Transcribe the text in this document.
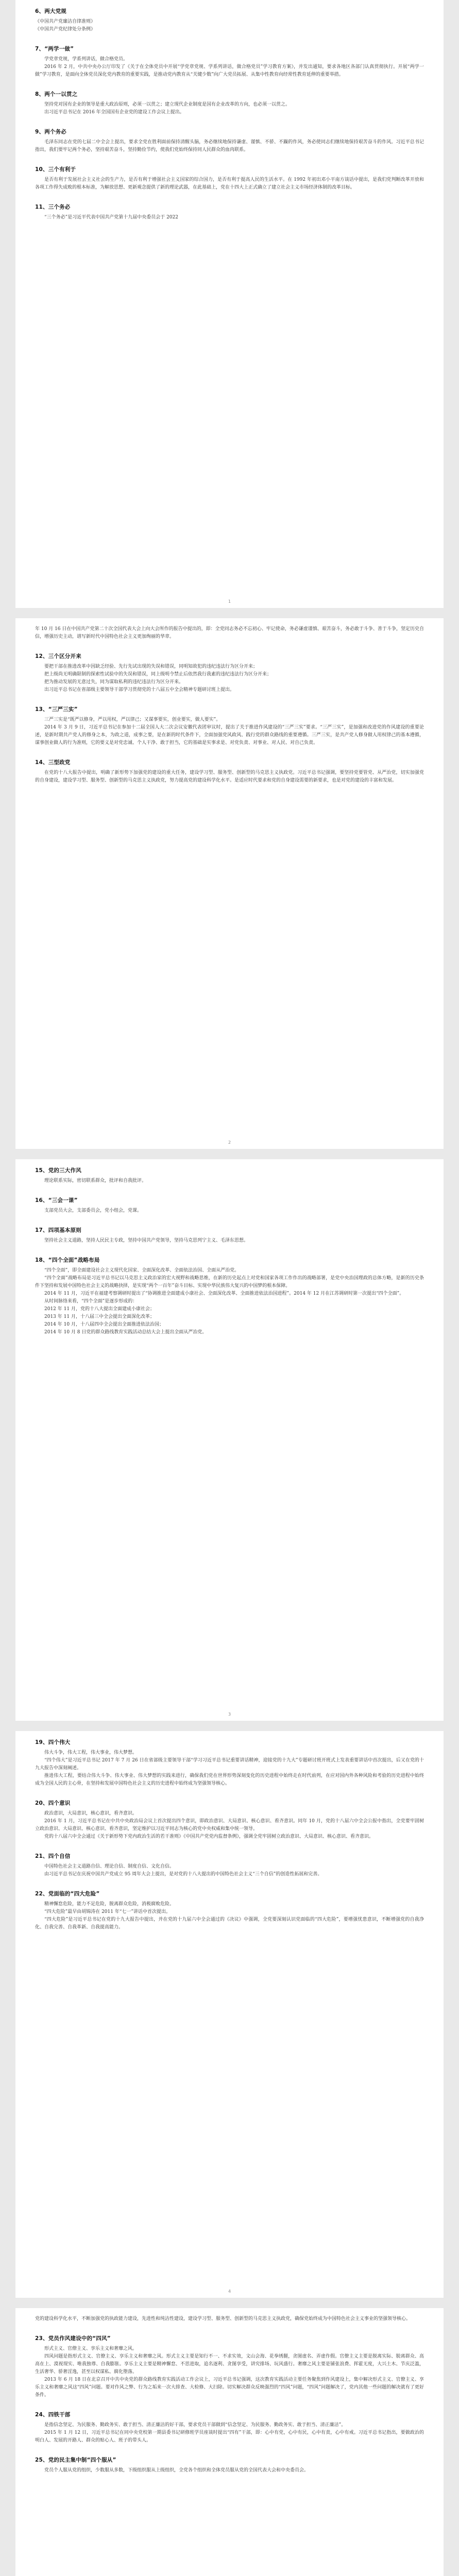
6、两大党规

《中国共产党廉洁自律准则》

《中国共产党纪律处分条例》

7、“两学一做”

学党章党规，学系列讲话，做合格党员。

2016 年 2 月，中共中央办公厅印发了《关于在全体党员中开展“学党章党规、学系列讲话，做合格党员”学习教育方案》，并发出通知，要求各地区各部门认真贯彻执行。开展“两学一做”学习教育，是面向全体党员深化党内教育的重要实践，是推动党内教育从“关键少数”向广大党员拓展、从集中性教育向经常性教育延伸的重要举措。

8、两个一以贯之

坚持党对国有企业的领导是重大政治原则，必须一以贯之；建立现代企业制度是国有企业改革的方向，也必须一以贯之。

出习近平总书记在 2016 年全国国有企业党的建设工作会议上提出。

9、两个务必

毛泽东同志在党的七届二中全会上提出，要求全党在胜利面前保持清醒头脑，务必继续地保持谦虚、谨慎、不骄、不躁的作风，务必使同志们继续地保持艰苦奋斗的作风。习近平总书记指出，我们要牢记两个务必，坚持艰苦奋斗，坚持勤俭节约，使我们党始终保持同人民群众的血肉联系。

10、三个有利于

是否有利于发展社会主义社会的生产力，是否有利于增强社会主义国家的综合国力，是否有利于提高人民的生活水平。在 1992 年初出邓小平南方谈话中提出，是我们党判断改革开放和各项工作得失成败的根本标准，为解放思想、更新观念提供了新的理论武器，在此基础上，党在十四大上正式确立了建立社会主义市场经济体制的改革目标。

11、三个务必

“三个务必”是习近平代表中国共产党第十九届中央委员会于 2022

1

年 10 月 16 日在中国共产党第二十次全国代表大会上向大会所作的报告中提出的，即：全党同志务必不忘初心、牢记使命，务必谦虚谨慎、艰苦奋斗，务必敢于斗争、善于斗争，坚定历史自信，增强历史主动，谱写新时代中国特色社会主义更加绚丽的华章。

12、三个区分开来

要把干部在推进改革中因缺乏经验、先行先试出现的失误和错误，同明知故犯的违纪违法行为区分开来；

把上级尚无明确限制的探索性试验中的失误和错误，同上级明令禁止后依然我行我素的违纪违法行为区分开来；

把为推动发展的无意过失，同为谋取私利的违纪违法行为区分开来。

出习近平总书记在省部级主要领导干部学习贯彻党的十八届五中全会精神专题研讨班上提出。

13、“三严三实”

三严三实是“既严以修身，严以用权，严以律己；又谋事要实，创业要实，做人要实”。

2014 年 3 月 9 日，习近平总书记在参加十二届全国人大二次会议安徽代表团审议时，提出了关于推进作风建设的“三严三实”要求。“三严三实”，是加强和改进党的作风建设的重要论述，是新时期共产党人的修身之本，为政之道，成事之要，是在新的时代条件下，全面加强党风政风、践行党的群众路线的重要遵循。三严三实，是共产党人修身做人用权律己的基本遵循，谋事创业做人的行为准则，它的要义是对党忠诚、个人干净、敢于担当，它的基础是实事求是、对党负责、对事业、对人民、对自己负责。

14、三型政党

在党的十八大报告中提出，明确了新形势下加强党的建设的重大任务，建设学习型、服务型、创新型的马克思主义执政党。习近平总书记强调，要坚持党要管党、从严治党，切实加强党的自身建设，建设学习型、服务型、创新型的马克思主义执政党，努力提高党的建设科学化水平。是适应时代要求和党的自身建设需要的新要求，也是对党的建设的丰富和发展。

2
15、党的三大作风

理论联系实际，密切联系群众，批评和自我批评。

16、“三会一课”

支部党员大会，支部委员会，党小组会，党课。

17、四项基本原则

坚持社会主义道路，坚持人民民主专政，坚持中国共产党领导，坚持马克思列宁主义、毛泽东思想。

18、“四个全面”战略布局

“四个全面”，即全面建设社会主义现代化国家、全面深化改革、全面依法治国、全面从严治党。

“四个全面”战略布局是习近平总书记以马克思主义政治家的宏大视野和战略思维，在新的历史起点上对党和国家各项工作作出的战略部署，是党中央治国理政的总体方略，是新的历史条件下坚持和发展中国特色社会主义的战略抉择，是实现“两个一百年”奋斗目标、实现中华民族伟大复兴的中国梦的根本保障。

2014 年 11 月，习近平在福建考察调研时提出了“协调推进全面建成小康社会、全面深化改革、全面推进依法治国进程”。2014 年 12 月在江苏调研时第一次提出“四个全面”。

从时间脉络来看，“四个全面”是逐步形成的：

2012 年 11 月，党的十八大提出全面建成小康社会；

2013 年 11 月，十八届三中全会提出全面深化改革；

2014 年 10 月，十八届四中全会提出全面推进依法治国；

2014 年 10 月 8 日党的群众路线教育实践活动总结大会上提出全面从严治党。

3
19、四个伟大

伟大斗争，伟大工程，伟大事业，伟大梦想。

“四个伟大”是习近平总书记 2017 年 7 月 26 日在省部级主要领导干部“学习习近平总书记重要讲话精神，迎接党的十九大”专题研讨班开班式上发表重要讲话中首次提出，后又在党的十九大报告中深刻阐述。

推进伟大工程，要结合伟大斗争、伟大事业、伟大梦想的实践来进行，确保我们党在世界形势深刻变化的历史进程中始终走在时代前列，在应对国内外各种风险和考验的历史进程中始终成为全国人民的主心骨，在坚持和发展中国特色社会主义的历史进程中始终成为坚强领导核心。

20、四个意识

政治意识，大局意识，核心意识，看齐意识。

2016 年 1 月，习近平总书记在中共中央政治局会议上首次提出四个意识，即政治意识、大局意识、核心意识、看齐意识。同年 10 月，党的十八届六中全会公报中指出，全党要牢固树立政治意识、大局意识、核心意识、看齐意识，坚定维护以习近平同志为核心的党中央权威和集中统一领导。

党的十八届六中全会通过《关于新形势下党内政治生活的若干准则》《中国共产党党内监督条例》，强调全党牢固树立政治意识、大局意识、核心意识、看齐意识。

21、四个自信

中国特色社会主义道路自信、理论自信、制度自信、文化自信。

由习近平总书记在庆祝中国共产党成立 95 周年大会上提出，是对党的十八大提出的中国特色社会主义“三个自信”的创造性拓展和完善。

22、党面临的“四大危险”

精神懈怠危险，能力不足危险，脱离群众危险，消极腐败危险。

“四大危险”最早由胡锦涛在 2011 年“七一”讲话中首次提出。

“四大危险”是习近平总书记在党的十九大报告中提出，并在党的十九届六中全会通过的《决议》中强调，全党要深刻认识党面临的“四大危险”，要增强忧患意识，不断增强党的自我净化、自我完善、自我革新、自我提高能力。

4

党的建设科学化水平，不断加强党的执政能力建设，先进性和纯洁性建设，建设学习型、服务型、创新型的马克思主义执政党，确保党始终成为中国特色社会主义事业的坚强领导核心。

23、党员作风建设中的“四风”

形式主义、官僚主义、享乐主义和奢靡之风。

四风问题是指形式主义、官僚主义、享乐主义和奢靡之风。形式主义主要是知行不一、不求实效，文山会海、花拳绣腿，贪图虚名、弄虚作假。官僚主义主要是脱离实际、脱离群众、高高在上、漠视现实、唯我独尊、自我膨胀。享乐主义主要是精神懈怠、不思进取，追名逐利、贪图享受，讲究排场、玩风盛行。奢靡之风主要是铺张浪费、挥霍无度，大兴土木、节庆泛滥，生活奢华、骄奢淫逸，甚至以权谋私、腐化堕落。

2013 年 6 月 18 日在北京召开中共中央党的群众路线教育实践活动工作会议上，习近平总书记强调，这次教育实践活动主要任务聚焦到作风建设上，集中解决形式主义、官僚主义、享乐主义和奢靡之风这“四风”问题。要对作风之弊、行为之垢来一次大排查、大检修、大扫除。切实解决群众反映强烈的“四风”问题，“四风”问题解决了，党内其他一些问题的解决就有了更好条件。

24、四铁干部

是指信念坚定、为民服务、勤政务实、敢于担当、清正廉洁的好干部，要求党员干部做到“信念坚定、为民服务、勤政务实、敢于担当、清正廉洁”。

2015 年 1 月 12 日，习近平总书记在同中央党校第一期县委书记研修班学员座谈时提出“四有”干部，即：心中有党，心中有民，心中有责，心中有戒。习近平总书记指出，要做政治的明白人、发展的开路人、群众的贴心人、班子的带头人。

25、党的民主集中制“四个服从”

党员个人服从党的组织，少数服从多数，下级组织服从上级组织，全党各个组织和全体党员服从党的全国代表大会和中央委员会。
